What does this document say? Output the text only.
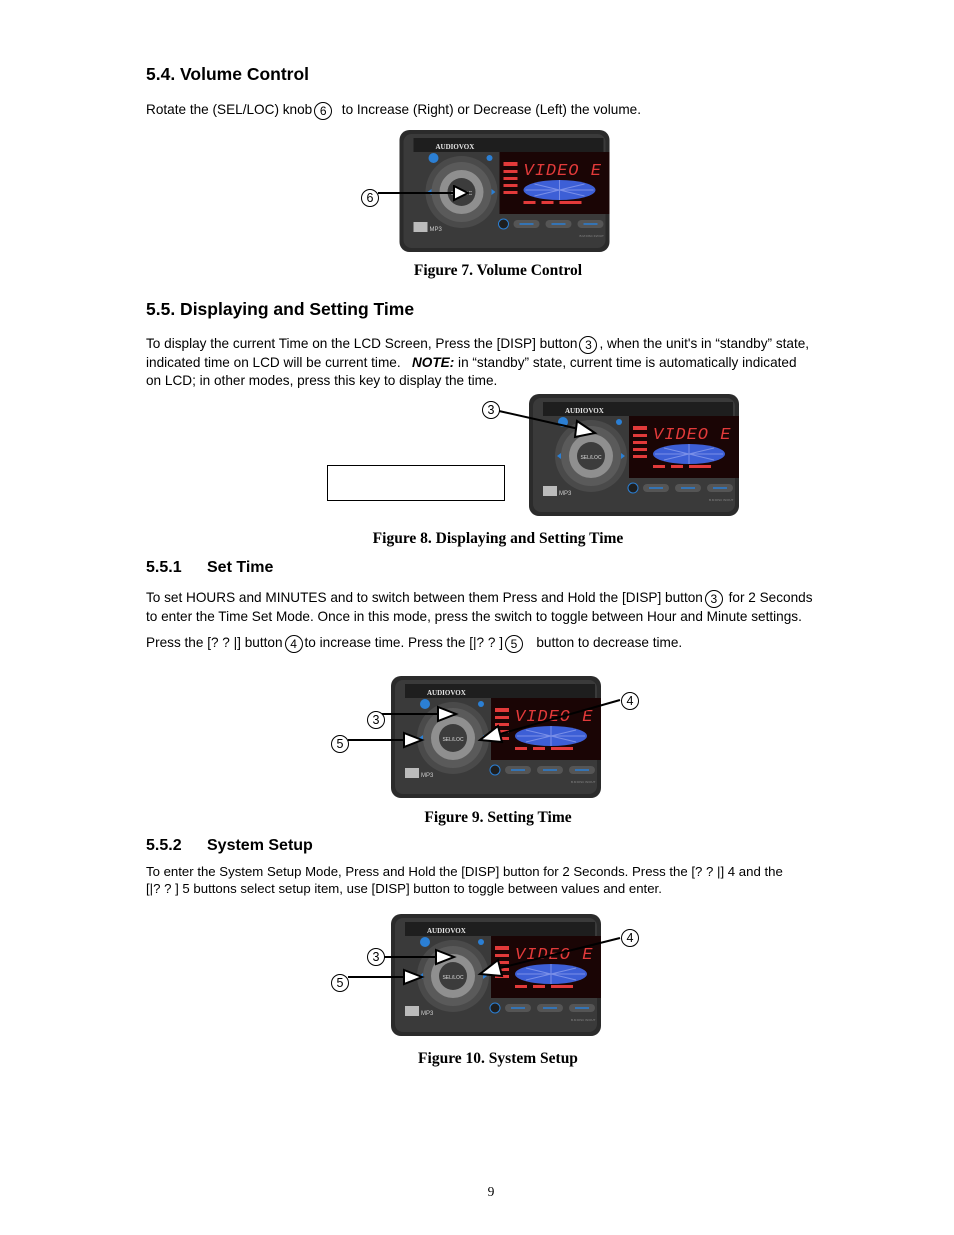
5.4. Volume Control
Rotate the (SEL/LOC) knob 6 to Increase (Right) or Decrease (Left) the volume.
6
Figure 7. Volume Control
5.5. Displaying and Setting Time
To display the current Time on the LCD Screen, Press the [DISP] button 3 , when the unit's in “standby” state,
indicated time on LCD will be current time. NOTE: in “standby” state, current time is automatically indicated
on LCD; in other modes, press this key to display the time.
3
Figure 8. Displaying and Setting Time
5.5.1 Set Time
To set HOURS and MINUTES and to switch between them Press and Hold the [DISP] button 3 for 2 Seconds
to enter the Time Set Mode. Once in this mode, press the switch to toggle between Hour and Minute settings.
Press the [? ? |] button 4 to increase time. Press the [|? ? ] 5 button to decrease time.
3
5
4
Figure 9. Setting Time
5.5.2 System Setup
To enter the System Setup Mode, Press and Hold the [DISP] button for 2 Seconds. Press the [? ? |] 4 and the
[|? ? ] 5 buttons select setup item, use [DISP] button to toggle between values and enter.
3
5
4
Figure 10. System Setup
9
